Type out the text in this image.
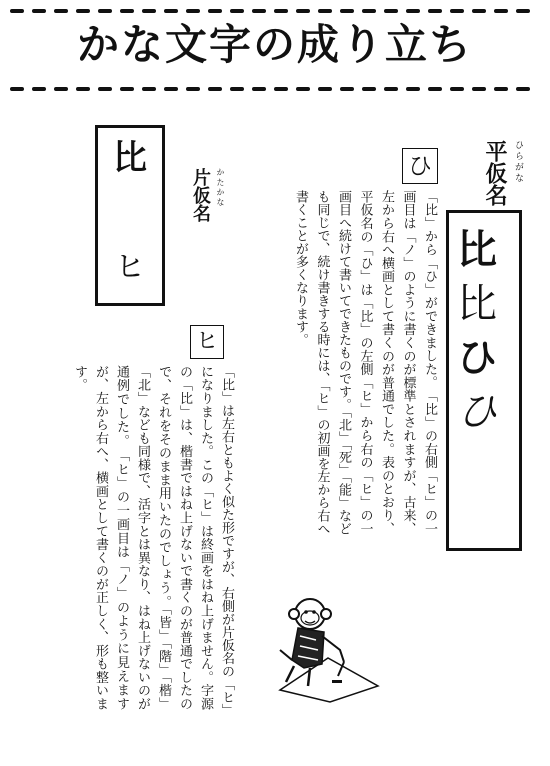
かな文字の成り立ち
ひらがな
平仮名
比
比
ひ
ひ
ひ
「比」から「ひ」ができました。　「比」の右側「ヒ」の一画目は「ノ」のように書くのが標準とされますが、古来、左から右へ横画として書くのが普通でした。表のとおり、平仮名の「ひ」は「比」の左側「ヒ」から右の「ヒ」の一画目へ続けて書いてできたものです。「北」「死」「能」なども同じで、続け書きする時には、「ヒ」の初画を左から右へ書くことが多くなります。
比
ヒ
かたかな
片仮名
ヒ
「比」は左右ともよく似た形ですが、右側が片仮名の「ヒ」になりました。この「ヒ」は終画をはね上げません。字源の「比」は、楷書ではね上げないで書くのが普通でしたので、それをそのまま用いたのでしょう。「皆」「階」「楷」「北」なども同様で、活字とは異なり、はね上げないのが通例でした。　「ヒ」の一画目は「ノ」のように見えますが、左から右へ、横画として書くのが正しく、形も整います。
